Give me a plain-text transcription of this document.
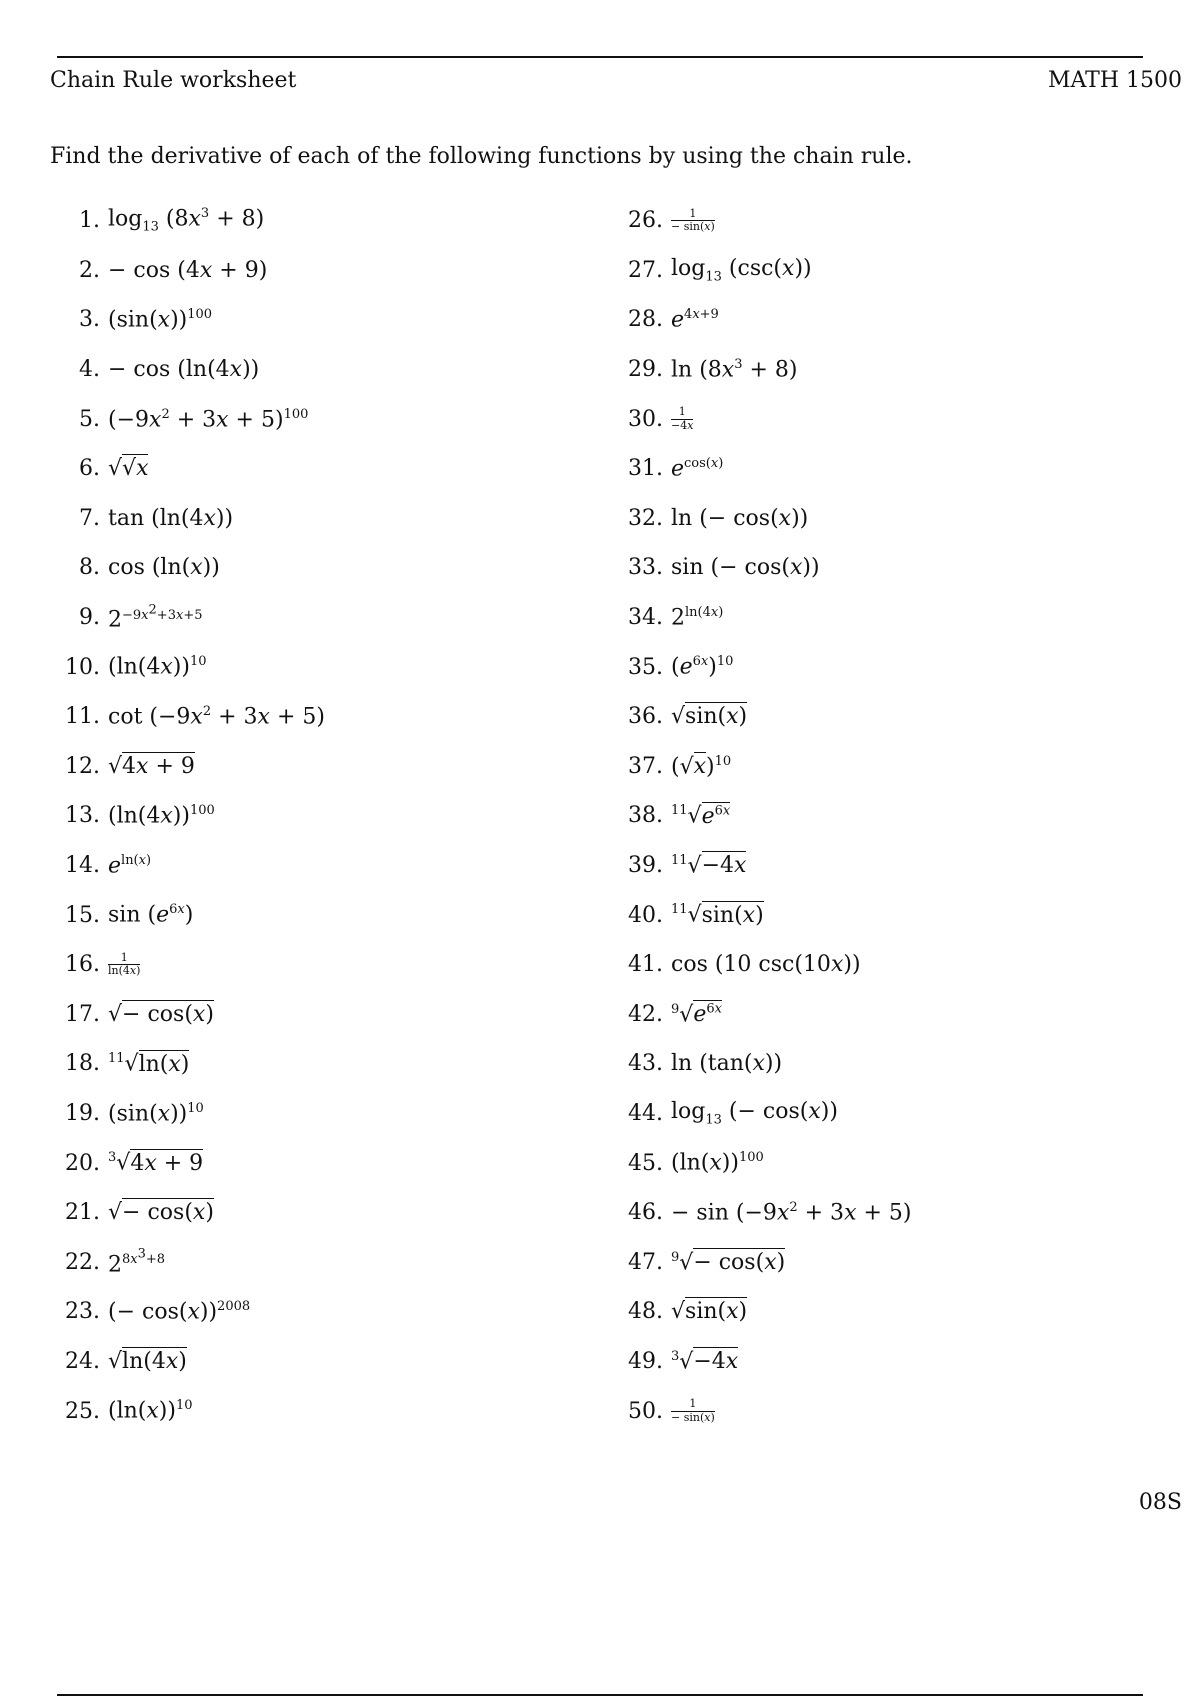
Chain Rule worksheet	MATH 1500
Find the derivative of each of the following functions by using the chain rule.
1. $\log_{13} (8x^3 + 8)$
2. − cos (4x + 9)
3. $(\sin(x))^{100}$
4. − cos (ln(4x))
5. $(-9x^2 + 3x + 5)^{100}$
6. √√x
7. tan (ln(4x))
8. cos (ln(x))
9. $2^{-9x^2+3x+5}$
10. $(\ln(4x))^{10}$
11. $\cot (-9x^2 + 3x + 5)$
12. √4x + 9
13. $(\ln(4x))^{100}$
14. $e^{ln(x)}$
15. $\sin (e^{6x})$
16. $\frac{1}{\ln(4x)}$
17. √− cos(x)
18. $^{11}$√ln(x)
19. $(\sin(x))^{10}$
20. $^3$√4x + 9
21. √− cos(x)
22. $2^{8x^3+8}$
23. (− cos(x))$^{2008}$
24. √ln(4x)
25. $(\ln(x))^{10}$
26. $\frac{1}{- \sin(x)}$
27. $\log_{13} (\csc(x))$
28. $e^{4x+9}$
29. $\ln (8x^3 + 8)$
30. $\frac{1}{-4x}$
31. $e^{cos(x)}$
32. ln (− cos(x))
33. sin (− cos(x))
34. $2^{ln(4x)}$
35. $(e^{6x})^{10}$
36. √sin(x)
37. $(√x)^{10}$
38. $^{11}√e^{6x}$
39. $^{11}$√−4x
40. $^{11}$√sin(x)
41. cos (10 csc(10x))
42. $^9√e^{6x}$
43. ln (tan(x))
44. $\log_{13}$ (− cos(x))
45. $(\ln(x))^{100}$
46. − $\sin (-9x^2 + 3x + 5)$
47. $^9$√− cos(x)
48. √sin(x)
49. $^3$√−4x
50. $\frac{1}{- \sin(x)}$
08S
